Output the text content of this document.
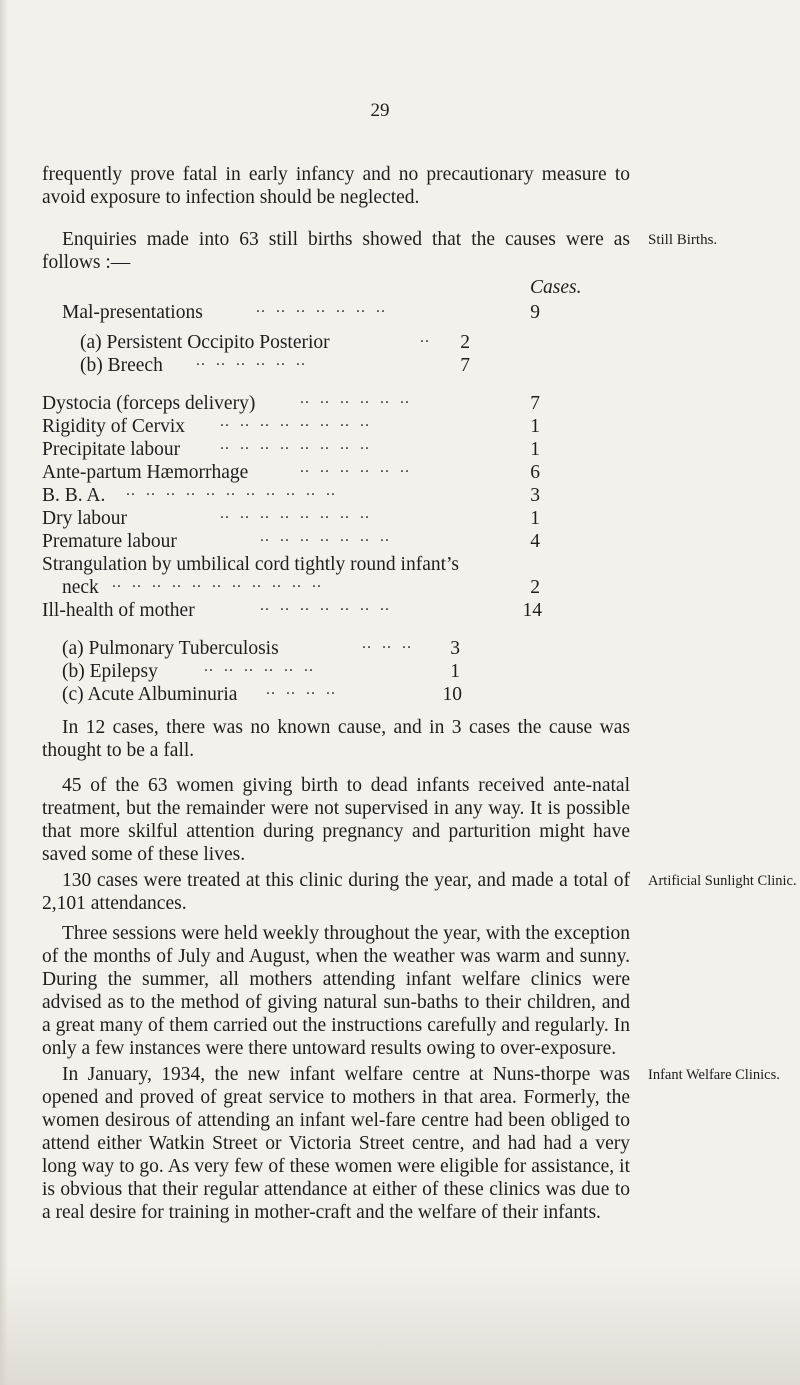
29

frequently prove fatal in early infancy and no precautionary measure to avoid exposure to infection should be neglected.

Still Births.

Enquiries made into 63 still births showed that the causes were as follows :—

Cases.
Mal-presentations	..  ..  ..  ..  ..  ..  ..	9
(a) Persistent Occipito Posterior	..	2
(b) Breech ..  ..  ..  ..  ..  ..	7
Dystocia (forceps delivery)	..  ..  ..  ..  ..  ..	7
Rigidity of Cervix ..  ..  ..  ..  ..  ..  ..  ..	1
Precipitate labour ..  ..  ..  ..  ..  ..  ..  ..	1
Ante-partum Hæmorrhage	..  ..  ..  ..  ..  ..	6
B. B. A. ..  ..  ..  ..  ..  ..  ..  ..  ..  ..  ..	3
Dry labour	..  ..  ..  ..  ..  ..  ..  ..	1
Premature labour	..  ..  ..  ..  ..  ..  ..	4
Strangulation by umbilical cord tightly round infant’s
neck ..  ..  ..  ..  ..  ..  ..  ..  ..  ..  ..	2
Ill-health of mother	..  ..  ..  ..  ..  ..  ..	14
(a) Pulmonary Tuberculosis	..  ..  ..	3
(b) Epilepsy	..  ..  ..  ..  ..  ..	1
(c) Acute Albuminuria ..  ..  ..  ..	10

In 12 cases, there was no known cause, and in 3 cases the cause was thought to be a fall.

45 of the 63 women giving birth to dead infants received ante-natal treatment, but the remainder were not supervised in any way. It is possible that more skilful attention during pregnancy and parturition might have saved some of these lives.

Artificial Sunlight Clinic.

130 cases were treated at this clinic during the year, and made a total of 2,101 attendances.

Three sessions were held weekly throughout the year, with the exception of the months of July and August, when the weather was warm and sunny. During the summer, all mothers attending infant welfare clinics were advised as to the method of giving natural sun-baths to their children, and a great many of them carried out the instructions carefully and regularly. In only a few instances were there untoward results owing to over-exposure.

Infant Welfare Clinics.

In January, 1934, the new infant welfare centre at Nuns-thorpe was opened and proved of great service to mothers in that area. Formerly, the women desirous of attending an infant wel-fare centre had been obliged to attend either Watkin Street or Victoria Street centre, and had had a very long way to go. As very few of these women were eligible for assistance, it is obvious that their regular attendance at either of these clinics was due to a real desire for training in mother-craft and the welfare of their infants.
